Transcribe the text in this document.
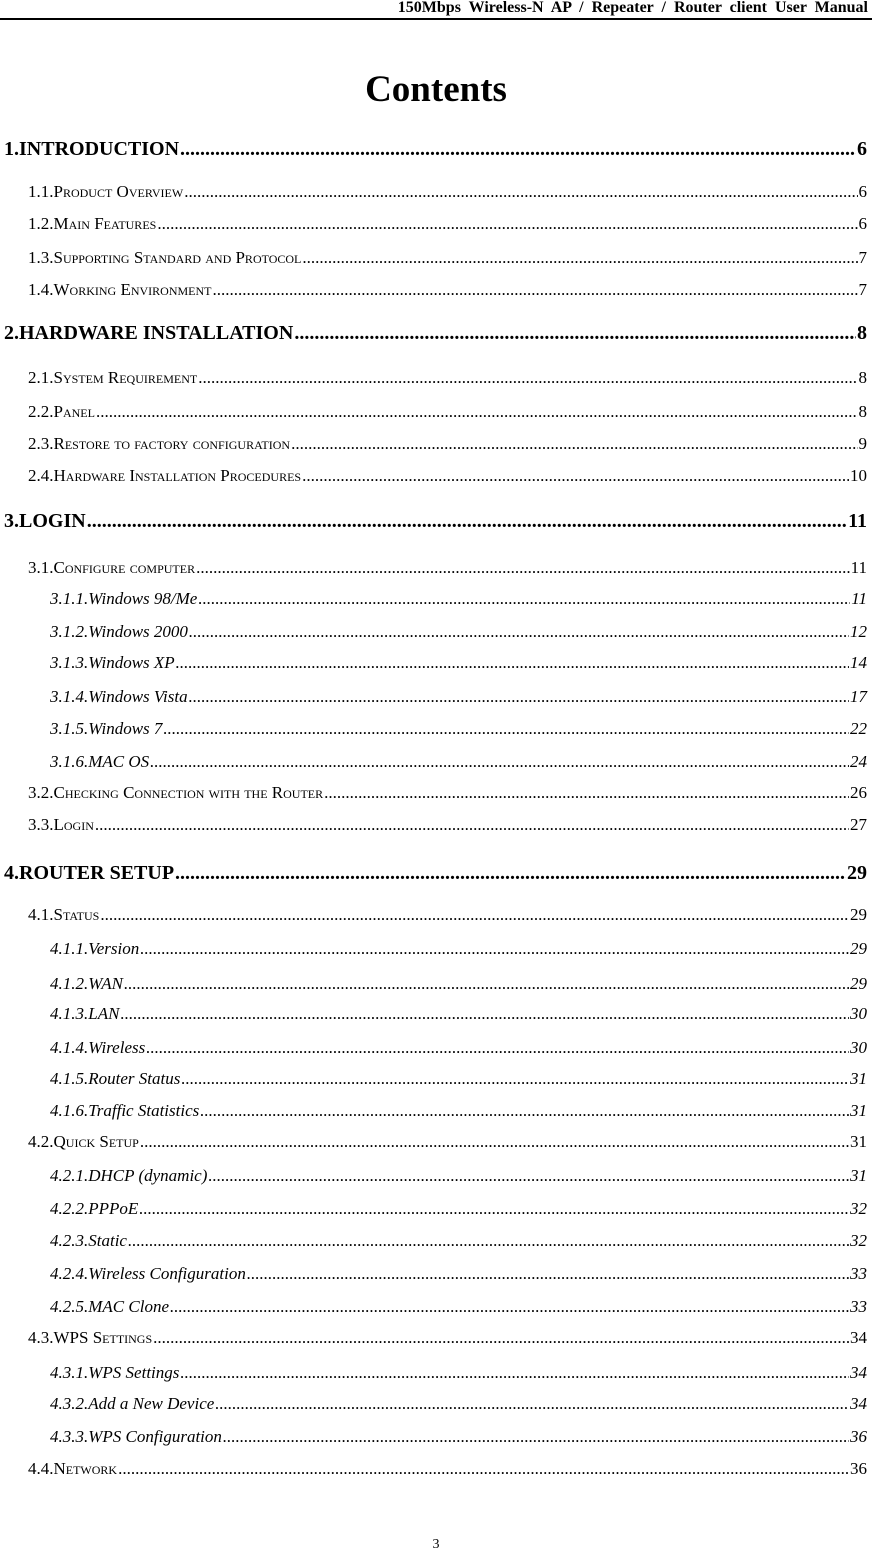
150Mbps Wireless-N AP / Repeater / Router client User Manual
Contents
1. INTRODUCTION .....	6
1.1. Product Overview .....	6
1.2. Main Features .....	6
1.3. Supporting Standard and Protocol .....	7
1.4. Working Environment .....	7
2. HARDWARE INSTALLATION .....	8
2.1. System Requirement .....	8
2.2. Panel .....	8
2.3. Restore to factory configuration .....	9
2.4. Hardware Installation Procedures .....	10
3. LOGIN .....	11
3.1. Configure computer .....	11
3.1.1. Windows 98/Me .....	11
3.1.2. Windows 2000 .....	12
3.1.3. Windows XP .....	14
3.1.4. Windows Vista .....	17
3.1.5. Windows 7 .....	22
3.1.6. MAC OS .....	24
3.2. Checking Connection with the Router .....	26
3.3. Login .....	27
4. ROUTER SETUP .....	29
4.1. Status .....	29
4.1.1. Version .....	29
4.1.2. WAN .....	29
4.1.3. LAN .....	30
4.1.4. Wireless .....	30
4.1.5. Router Status .....	31
4.1.6. Traffic Statistics .....	31
4.2. Quick Setup .....	31
4.2.1. DHCP (dynamic) .....	31
4.2.2. PPPoE .....	32
4.2.3. Static .....	32
4.2.4. Wireless Configuration .....	33
4.2.5. MAC Clone .....	33
4.3. WPS Settings .....	34
4.3.1. WPS Settings .....	34
4.3.2. Add a New Device .....	34
4.3.3. WPS Configuration .....	36
4.4. Network .....	36
3
